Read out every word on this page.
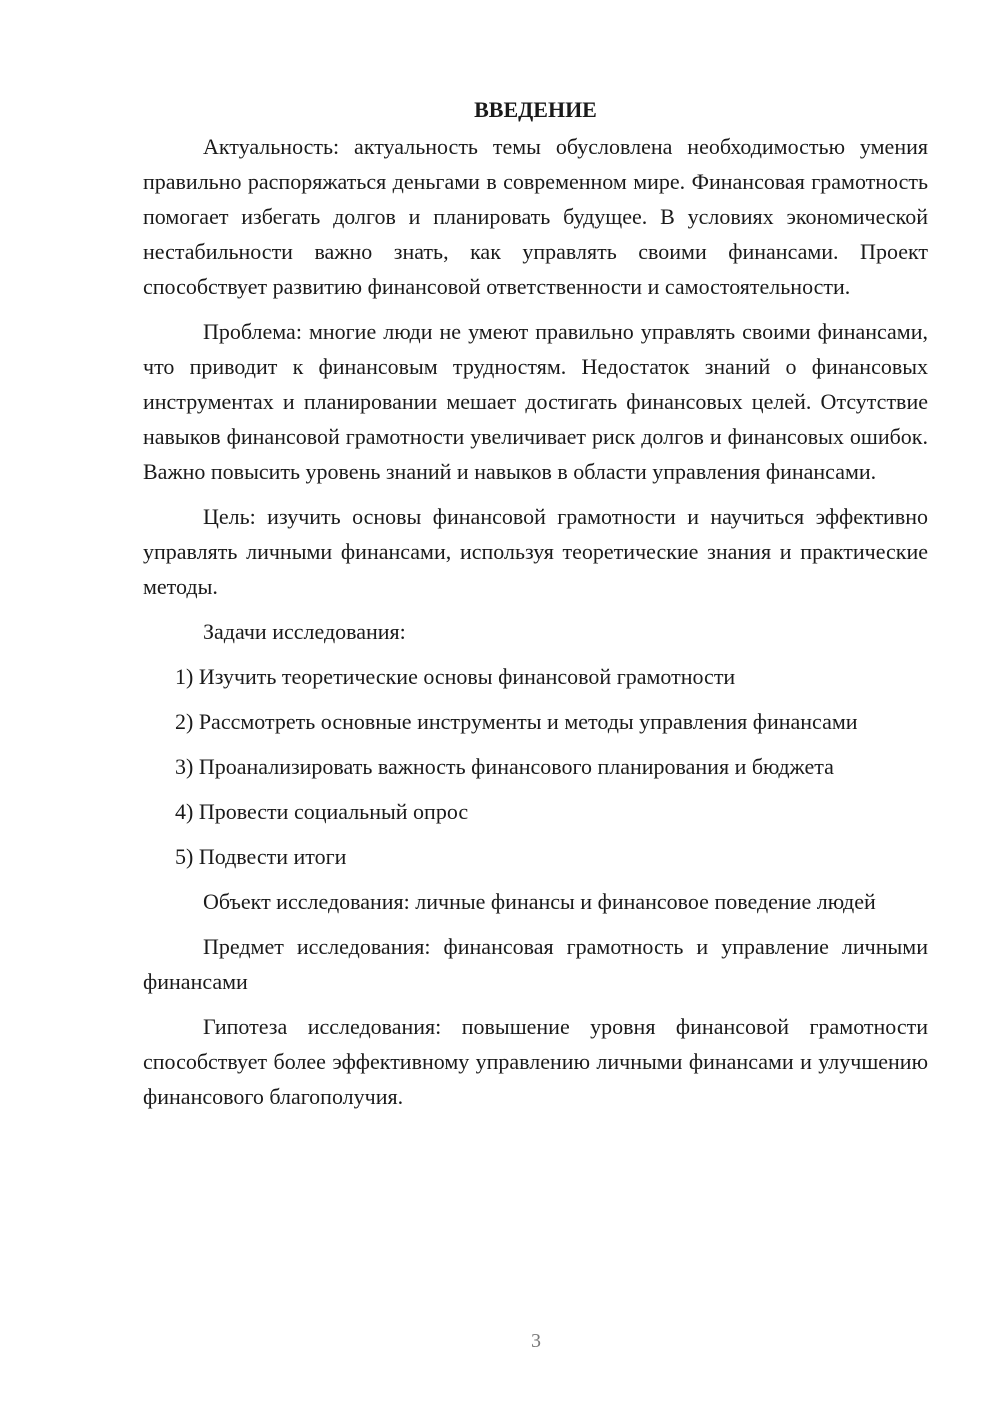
ВВЕДЕНИЕ

Актуальность: актуальность темы обусловлена необходимостью умения правильно распоряжаться деньгами в современном мире. Финансовая грамотность помогает избегать долгов и планировать будущее. В условиях экономической нестабильности важно знать, как управлять своими финансами. Проект способствует развитию финансовой ответственности и самостоятельности.

Проблема: многие люди не умеют правильно управлять своими финансами, что приводит к финансовым трудностям. Недостаток знаний о финансовых инструментах и планировании мешает достигать финансовых целей. Отсутствие навыков финансовой грамотности увеличивает риск долгов и финансовых ошибок. Важно повысить уровень знаний и навыков в области управления финансами.

Цель: изучить основы финансовой грамотности и научиться эффективно управлять личными финансами, используя теоретические знания и практические методы.

Задачи исследования:

1) Изучить теоретические основы финансовой грамотности

2) Рассмотреть основные инструменты и методы управления финансами

3) Проанализировать важность финансового планирования и бюджета

4) Провести социальный опрос

5) Подвести итоги

Объект исследования: личные финансы и финансовое поведение людей

Предмет исследования: финансовая грамотность и управление личными финансами

Гипотеза исследования: повышение уровня финансовой грамотности способствует более эффективному управлению личными финансами и улучшению финансового благополучия.

3
